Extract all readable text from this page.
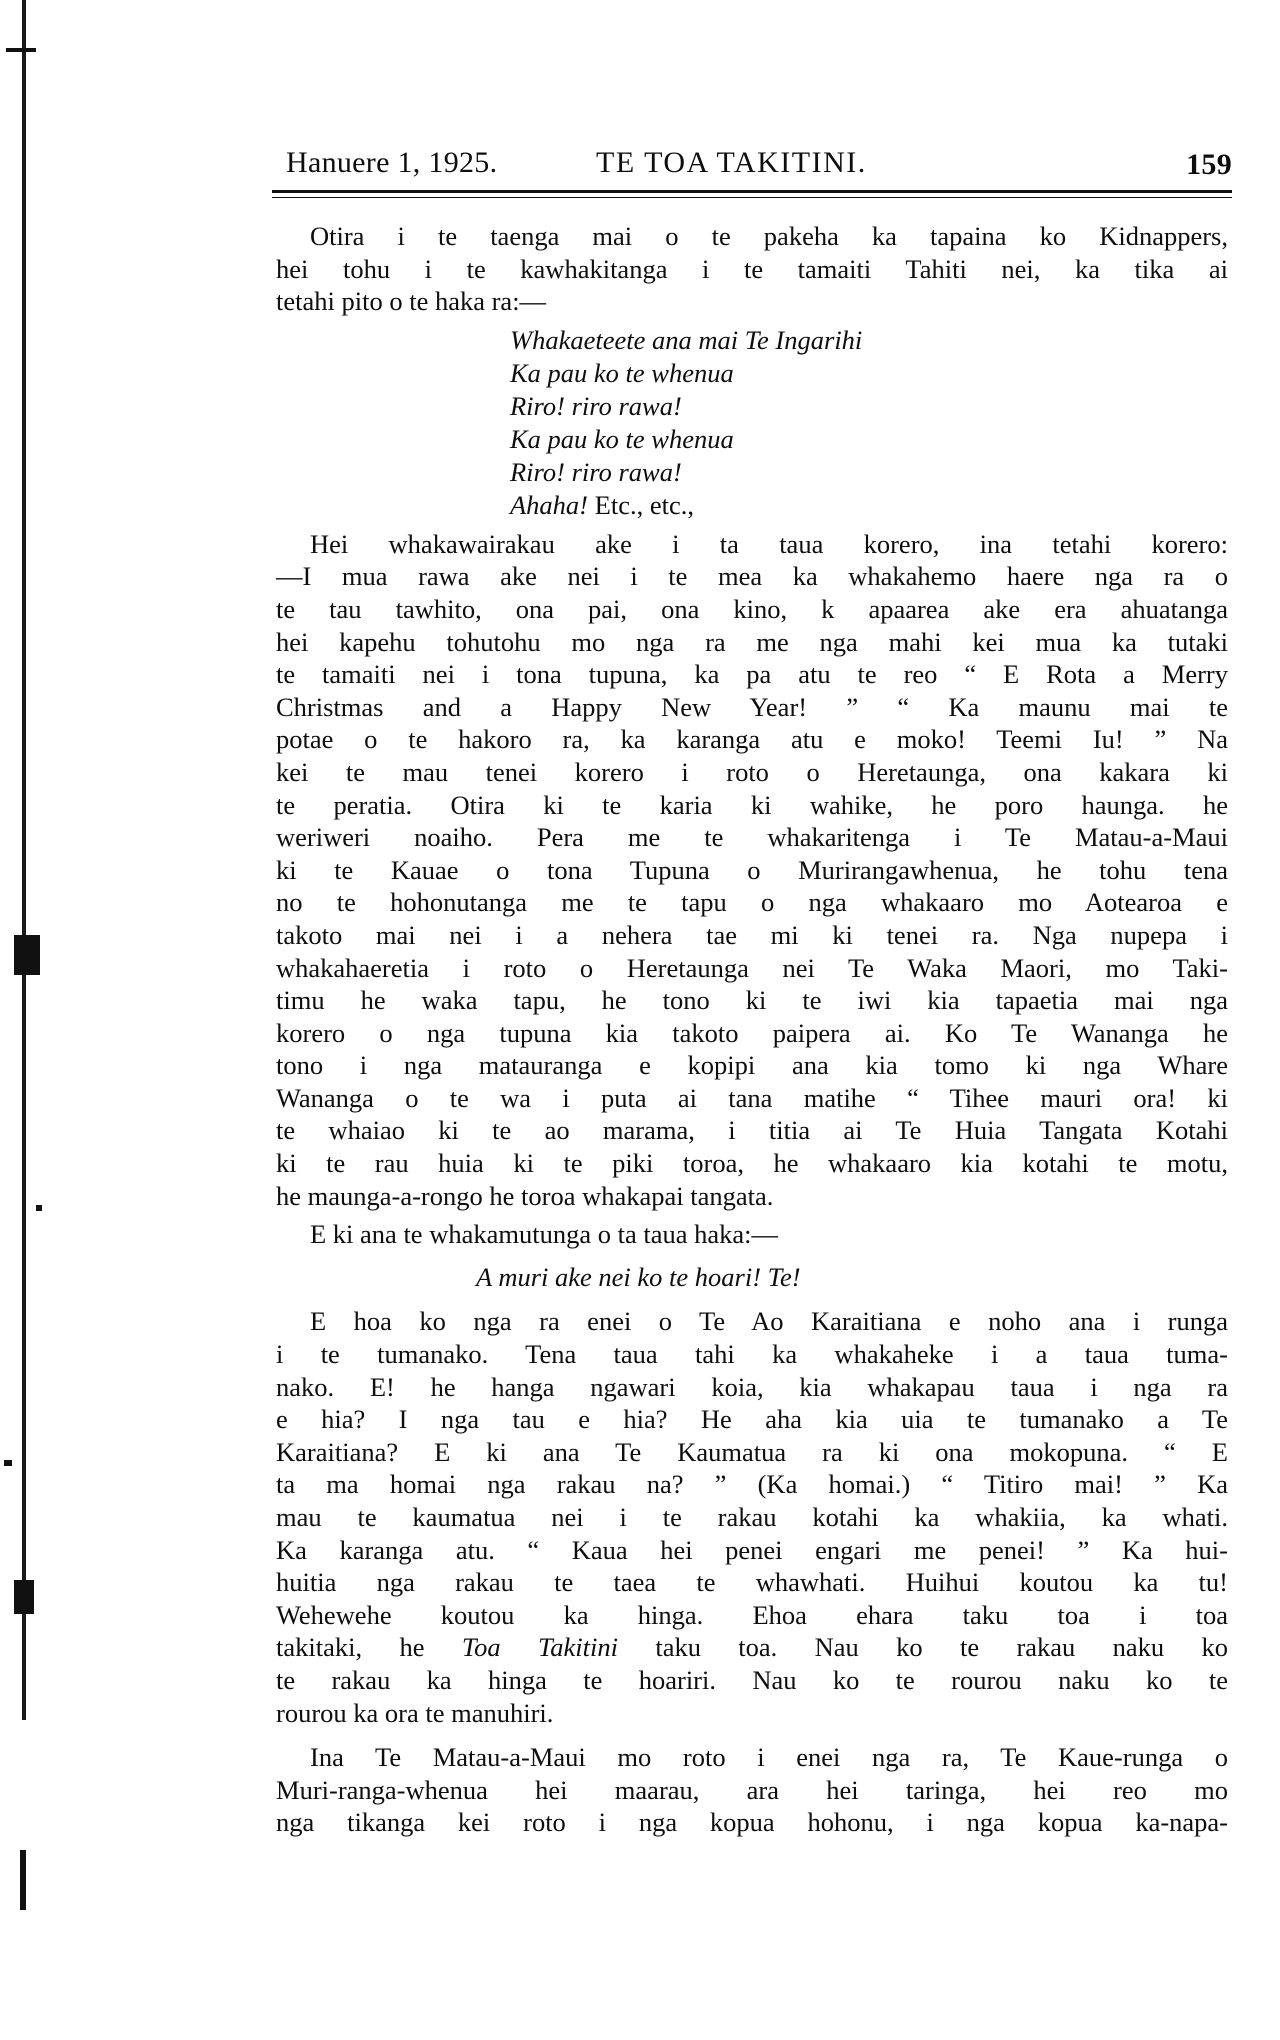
Hanuere 1, 1925.	TE TOA TAKITINI.	159
Otira i te taenga mai o te pakeha ka tapaina ko Kidnappers,
hei tohu i te kawhakitanga i te tamaiti Tahiti nei, ka tika ai
tetahi pito o te haka ra:—
Whakaeteete ana mai Te Ingarihi
Ka pau ko te whenua
Riro! riro rawa!
Ka pau ko te whenua
Riro! riro rawa!
Ahaha! Etc., etc.,
Hei whakawairakau ake i ta taua korero, ina tetahi korero:
—I mua rawa ake nei i te mea ka whakahemo haere nga ra o
te tau tawhito, ona pai, ona kino, k apaarea ake era ahuatanga
hei kapehu tohutohu mo nga ra me nga mahi kei mua ka tutaki
te tamaiti nei i tona tupuna, ka pa atu te reo “ E Rota a Merry
Christmas and a Happy New Year! ” “ Ka maunu mai te
potae o te hakoro ra, ka karanga atu e moko! Teemi Iu! ” Na
kei te mau tenei korero i roto o Heretaunga, ona kakara ki
te peratia. Otira ki te karia ki wahike, he poro haunga. he
weriweri noaiho. Pera me te whakaritenga i Te Matau-a-Maui
ki te Kauae o tona Tupuna o Murirangawhenua, he tohu tena
no te hohonutanga me te tapu o nga whakaaro mo Aotearoa e
takoto mai nei i a nehera tae mi ki tenei ra. Nga nupepa i
whakahaeretia i roto o Heretaunga nei Te Waka Maori, mo Taki-
timu he waka tapu, he tono ki te iwi kia tapaetia mai nga
korero o nga tupuna kia takoto paipera ai. Ko Te Wananga he
tono i nga matauranga e kopipi ana kia tomo ki nga Whare
Wananga o te wa i puta ai tana matihe “ Tihee mauri ora! ki
te whaiao ki te ao marama, i titia ai Te Huia Tangata Kotahi
ki te rau huia ki te piki toroa, he whakaaro kia kotahi te motu,
he maunga-a-rongo he toroa whakapai tangata.
E ki ana te whakamutunga o ta taua haka:—
A muri ake nei ko te hoari! Te!
E hoa ko nga ra enei o Te Ao Karaitiana e noho ana i runga
i te tumanako. Tena taua tahi ka whakaheke i a taua tuma-
nako. E! he hanga ngawari koia, kia whakapau taua i nga ra
e hia? I nga tau e hia? He aha kia uia te tumanako a Te
Karaitiana? E ki ana Te Kaumatua ra ki ona mokopuna. “ E
ta ma homai nga rakau na? ” (Ka homai.) “ Titiro mai! ” Ka
mau te kaumatua nei i te rakau kotahi ka whakiia, ka whati.
Ka karanga atu. “ Kaua hei penei engari me penei! ” Ka hui-
huitia nga rakau te taea te whawhati. Huihui koutou ka tu!
Wehewehe koutou ka hinga. Ehoa ehara taku toa i toa
takitaki, he Toa Takitini taku toa. Nau ko te rakau naku ko
te rakau ka hinga te hoariri. Nau ko te rourou naku ko te
rourou ka ora te manuhiri.
Ina Te Matau-a-Maui mo roto i enei nga ra, Te Kaue-runga o
Muri-ranga-whenua hei maarau, ara hei taringa, hei reo mo
nga tikanga kei roto i nga kopua hohonu, i nga kopua ka-napa-
